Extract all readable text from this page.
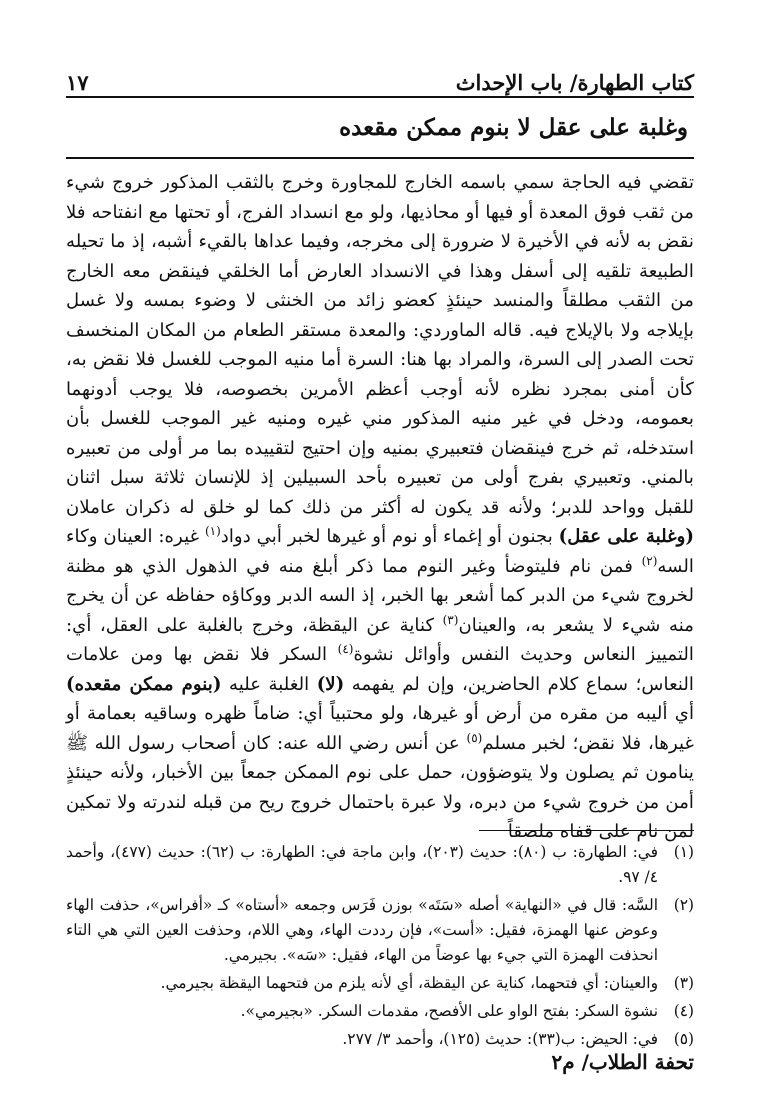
كتاب الطهارة/ باب الإحداث
١٧
وغلبة على عقل لا بنوم ممكن مقعده

تقضي فيه الحاجة سمي باسمه الخارج للمجاورة وخرج بالثقب المذكور خروج شيء من ثقب فوق المعدة أو فيها أو محاذيها، ولو مع انسداد الفرج، أو تحتها مع انفتاحه فلا نقض به لأنه في الأخيرة لا ضرورة إلى مخرجه، وفيما عداها بالقيء أشبه، إذ ما تحيله الطبيعة تلقيه إلى أسفل وهذا في الانسداد العارض أما الخلقي فينقض معه الخارج من الثقب مطلقاً والمنسد حينئذٍ كعضو زائد من الخنثى لا وضوء بمسه ولا غسل بإيلاجه ولا بالإيلاج فيه. قاله الماوردي: والمعدة مستقر الطعام من المكان المنخسف تحت الصدر إلى السرة، والمراد بها هنا: السرة أما منيه الموجب للغسل فلا نقض به، كأن أمنى بمجرد نظره لأنه أوجب أعظم الأمرين بخصوصه، فلا يوجب أدونهما بعمومه، ودخل في غير منيه المذكور مني غيره ومنيه غير الموجب للغسل بأن استدخله، ثم خرج فينقضان فتعبيري بمنيه وإن احتيج لتقييده بما مر أولى من تعبيره بالمني. وتعبيري بفرج أولى من تعبيره بأحد السبيلين إذ للإنسان ثلاثة سبل اثنان للقبل وواحد للدبر؛ ولأنه قد يكون له أكثر من ذلك كما لو خلق له ذكران عاملان (وغلبة على عقل) بجنون أو إغماء أو نوم أو غيرها لخبر أبي دواد$^{(١)}$ غيره: العينان وكاء السه$^{(٢)}$ فمن نام فليتوضأ وغير النوم مما ذكر أبلغ منه في الذهول الذي هو مظنة لخروج شيء من الدبر كما أشعر بها الخبر، إذ السه الدبر ووكاؤه حفاظه عن أن يخرج منه شيء لا يشعر به، والعينان$^{(٣)}$ كناية عن اليقظة، وخرج بالغلبة على العقل، أي: التمييز النعاس وحديث النفس وأوائل نشوة$^{(٤)}$ السكر فلا نقض بها ومن علامات النعاس؛ سماع كلام الحاضرين، وإن لم يفهمه (لا) الغلبة عليه (بنوم ممكن مقعده) أي أليبه من مقره من أرض أو غيرها، ولو محتبياً أي: ضاماً ظهره وساقيه بعمامة أو غيرها، فلا نقض؛ لخبر مسلم$^{(٥)}$ عن أنس رضي الله عنه: كان أصحاب رسول الله ﷺ ينامون ثم يصلون ولا يتوضؤون، حمل على نوم الممكن جمعاً بين الأخبار، ولأنه حينئذٍ أمن من خروج شيء من دبره، ولا عبرة باحتمال خروج ريح من قبله لندرته ولا تمكين لمن نام على قفاه ملصقاً

(١)
في: الطهارة: ب (٨٠): حديث (٢٠٣)، وابن ماجة في: الطهارة: ب (٦٢): حديث (٤٧٧)، وأحمد ٤/ ٩٧.
(٢)
السَّه: قال في «النهاية» أصله «سَتَه» بوزن فَرَس وجمعه «أستاه» كـ «أفراس»، حذفت الهاء وعوض عنها الهمزة، فقيل: «أست»، فإن رددت الهاء، وهي اللام، وحذفت العين التي هي التاء انحذفت الهمزة التي جيء بها عوضاً من الهاء، فقيل: «سَه». بجيرمي.
(٣)
والعينان: أي فتحهما، كناية عن اليقظة، أي لأنه يلزم من فتحهما اليقظة بجيرمي.
(٤)
نشوة السكر: بفتح الواو على الأفصح، مقدمات السكر. «بجيرمي».
(٥)
في: الحيض: ب(٣٣): حديث (١٢٥)، وأحمد ٣/ ٢٧٧.
تحفة الطلاب/ م٢
